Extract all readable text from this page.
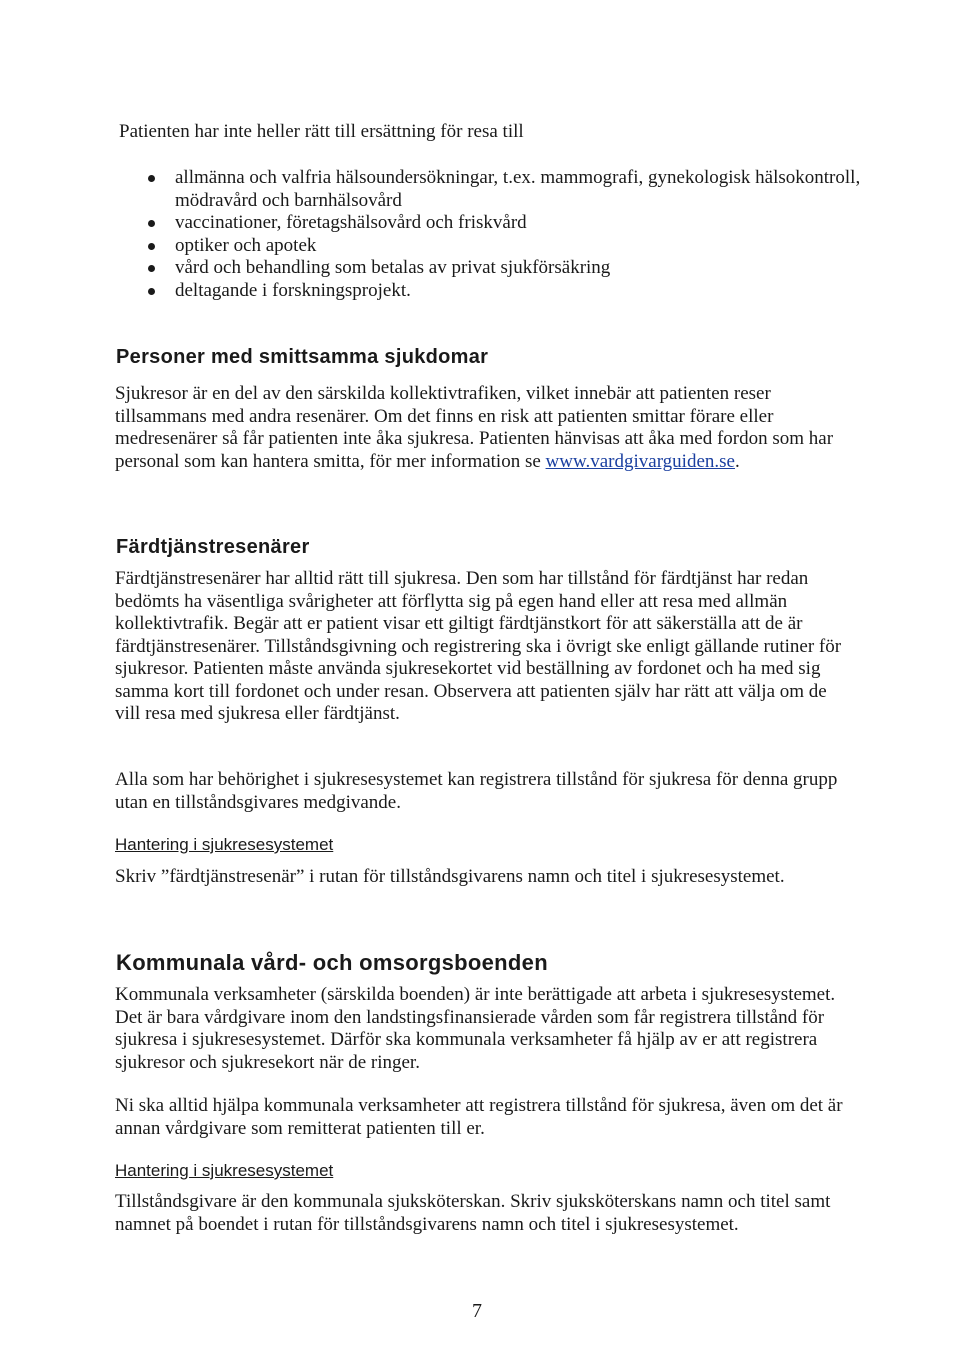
Patienten har inte heller rätt till ersättning för resa till

allmänna och valfria hälsoundersökningar, t.ex. mammografi, gynekologisk hälsokontroll, mödravård och barnhälsovård
vaccinationer, företagshälsovård och friskvård
optiker och apotek
vård och behandling som betalas av privat sjukförsäkring
deltagande i forskningsprojekt.
Personer med smittsamma sjukdomar

Sjukresor är en del av den särskilda kollektivtrafiken, vilket innebär att patienten reser tillsammans med andra resenärer. Om det finns en risk att patienten smittar förare eller medresenärer så får patienten inte åka sjukresa. Patienten hänvisas att åka med fordon som har personal som kan hantera smitta, för mer information se www.vardgivarguiden.se.

Färdtjänstresenärer

Färdtjänstresenärer har alltid rätt till sjukresa. Den som har tillstånd för färdtjänst har redan bedömts ha väsentliga svårigheter att förflytta sig på egen hand eller att resa med allmän kollektivtrafik. Begär att er patient visar ett giltigt färdtjänstkort för att säkerställa att de är färdtjänstresenärer. Tillståndsgivning och registrering ska i övrigt ske enligt gällande rutiner för sjukresor. Patienten måste använda sjukresekortet vid beställning av fordonet och ha med sig samma kort till fordonet och under resan. Observera att patienten själv har rätt att välja om de vill resa med sjukresa eller färdtjänst.

Alla som har behörighet i sjukresesystemet kan registrera tillstånd för sjukresa för denna grupp utan en tillståndsgivares medgivande.

Hantering i sjukresesystemet

Skriv ”färdtjänstresenär” i rutan för tillståndsgivarens namn och titel i sjukresesystemet.

Kommunala vård- och omsorgsboenden

Kommunala verksamheter (särskilda boenden) är inte berättigade att arbeta i sjukresesystemet. Det är bara vårdgivare inom den landstingsfinansierade vården som får registrera tillstånd för sjukresa i sjukresesystemet. Därför ska kommunala verksamheter få hjälp av er att registrera sjukresor och sjukresekort när de ringer.

Ni ska alltid hjälpa kommunala verksamheter att registrera tillstånd för sjukresa, även om det är annan vårdgivare som remitterat patienten till er.

Hantering i sjukresesystemet

Tillståndsgivare är den kommunala sjuksköterskan. Skriv sjuksköterskans namn och titel samt namnet på boendet i rutan för tillståndsgivarens namn och titel i sjukresesystemet.

7
